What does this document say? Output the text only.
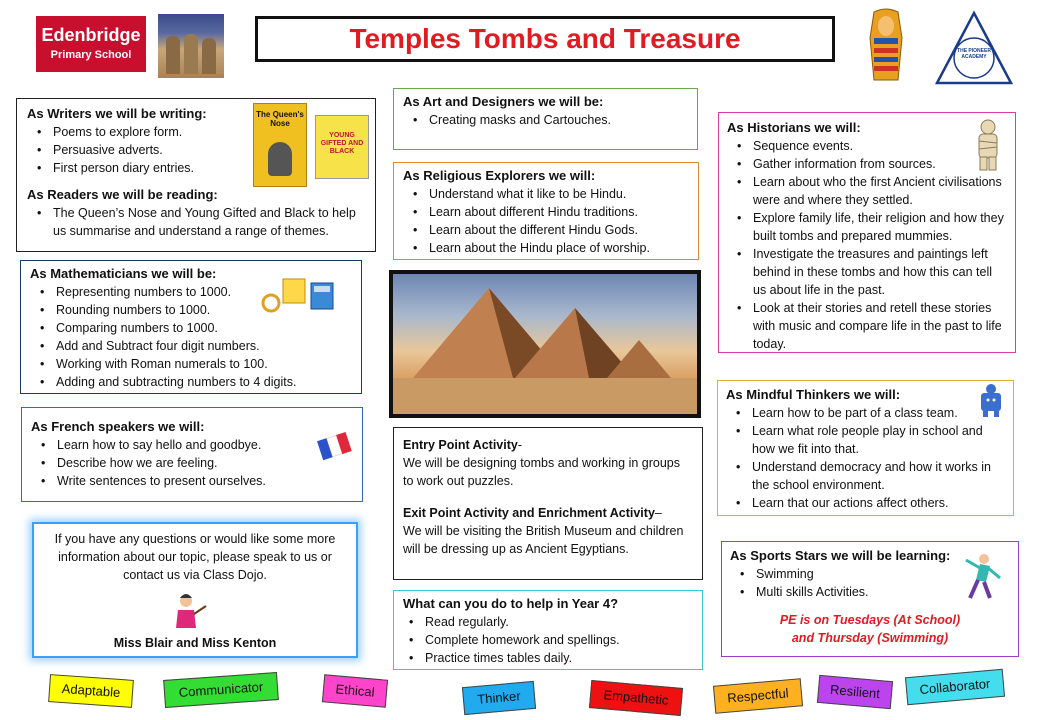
Edenbridge
Primary School
Temples Tombs and Treasure	THE PIONEER ACADEMY
As Writers we will be writing:
• Poems to explore form.
• Persuasive adverts.
• First person diary entries.
As Readers we will be reading:
• The Queen’s Nose and Young Gifted and Black to help us summarise and understand a range of themes.
The Queen's Nose
YOUNG GIFTED AND BLACK
As Mathematicians we will be:
• Representing numbers to 1000.
• Rounding numbers to 1000.
• Comparing numbers to 1000.
• Add and Subtract four digit numbers.
• Working with Roman numerals to 100.
• Adding and subtracting numbers to 4 digits.
As French speakers we will:
• Learn how to say hello and goodbye.
• Describe how we are feeling.
• Write sentences to present ourselves.
If you have any questions or would like some more information about our topic, please speak to us or contact us via Class Dojo.
Miss Blair and Miss Kenton
As Art and Designers we will be:
• Creating masks and Cartouches.
As Religious Explorers we will:
• Understand what it like to be Hindu.
• Learn about different Hindu traditions.
• Learn about the different Hindu Gods.
• Learn about the Hindu place of worship.
Entry Point Activity-
We will be designing tombs and working in groups to work out puzzles.
Exit Point Activity and Enrichment Activity–
We will be visiting the British Museum and children will be dressing up as Ancient Egyptians.
What can you do to help in Year 4?
• Read regularly.
• Complete homework and spellings.
• Practice times tables daily.
As Historians we will:
• Sequence events.
• Gather information from sources.
• Learn about who the first Ancient civilisations were and where they settled.
• Explore family life, their religion and how they built tombs and prepared mummies.
• Investigate the treasures and paintings left behind in these tombs and how this can tell us about life in the past.
• Look at their stories and retell these stories with music and compare life in the past to life today.
As Mindful Thinkers we will:
• Learn how to be part of a class team.
• Learn what role people play in school and how we fit into that.
• Understand democracy and how it works in the school environment.
• Learn that our actions affect others.
As Sports Stars we will be learning:
• Swimming
• Multi skills Activities.
PE is on Tuesdays (At School)
and Thursday (Swimming)
Adaptable	Communicator	Ethical	Thinker	Empathetic	Respectful	Resilient	Collaborator
